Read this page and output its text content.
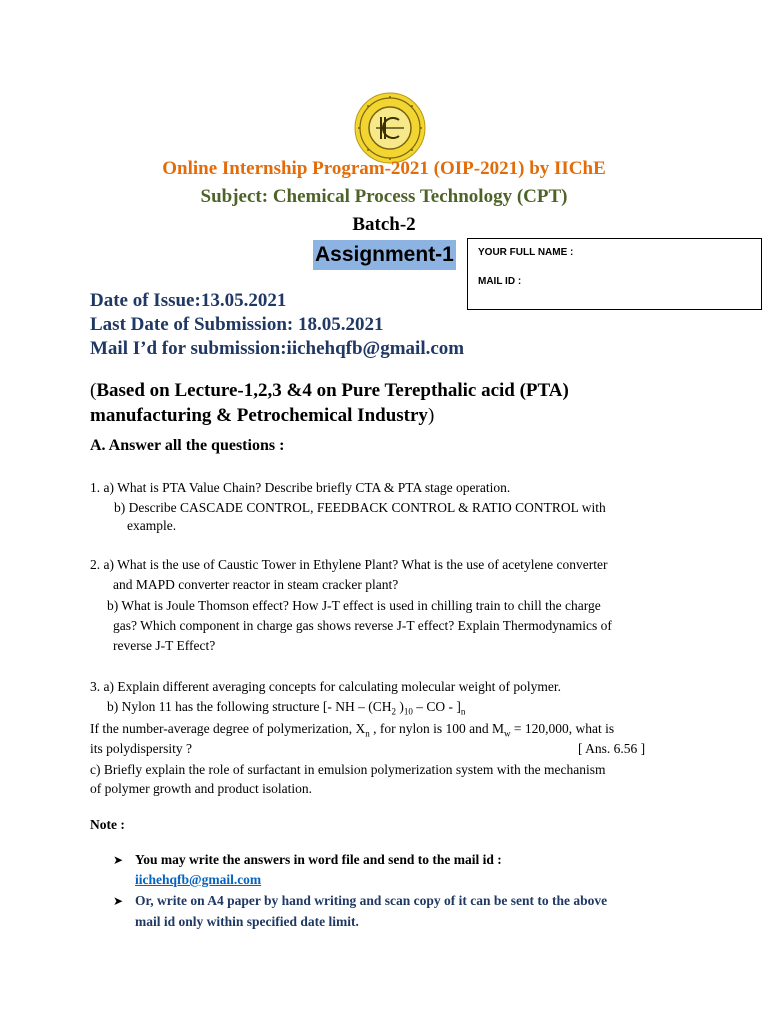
Online Internship Program-2021 (OIP-2021) by IIChE
Subject: Chemical Process Technology (CPT)
Batch-2
Assignment-1 YOUR FULL NAME :
MAIL ID :
Date of Issue:13.05.2021
Last Date of Submission: 18.05.2021
Mail I’d for submission:iichehqfb@gmail.com
(Based on Lecture-1,2,3 &4 on Pure Terepthalic acid (PTA)
manufacturing & Petrochemical Industry)
A. Answer all the questions :
1. a) What is PTA Value Chain? Describe briefly CTA & PTA stage operation.
b) Describe CASCADE CONTROL, FEEDBACK CONTROL & RATIO CONTROL with
example.
2. a) What is the use of Caustic Tower in Ethylene Plant? What is the use of acetylene converter
and MAPD converter reactor in steam cracker plant?
b) What is Joule Thomson effect? How J-T effect is used in chilling train to chill the charge
gas? Which component in charge gas shows reverse J-T effect? Explain Thermodynamics of
reverse J-T Effect?
3. a) Explain different averaging concepts for calculating molecular weight of polymer.
b) Nylon 11 has the following structure [- NH – ($CH_2$ )$_{10}$ – CO - ]$_n$
If the number-average degree of polymerization, $X_n$ , for nylon is 100 and $M_w = 120,000$, what is
its polydispersity ?	[ Ans. 6.56 ]
c) Briefly explain the role of surfactant in emulsion polymerization system with the mechanism
of polymer growth and product isolation.
Note :
➤ You may write the answers in word file and send to the mail id :
iichehqfb@gmail.com
➤ Or, write on A4 paper by hand writing and scan copy of it can be sent to the above
mail id only within specified date limit.
